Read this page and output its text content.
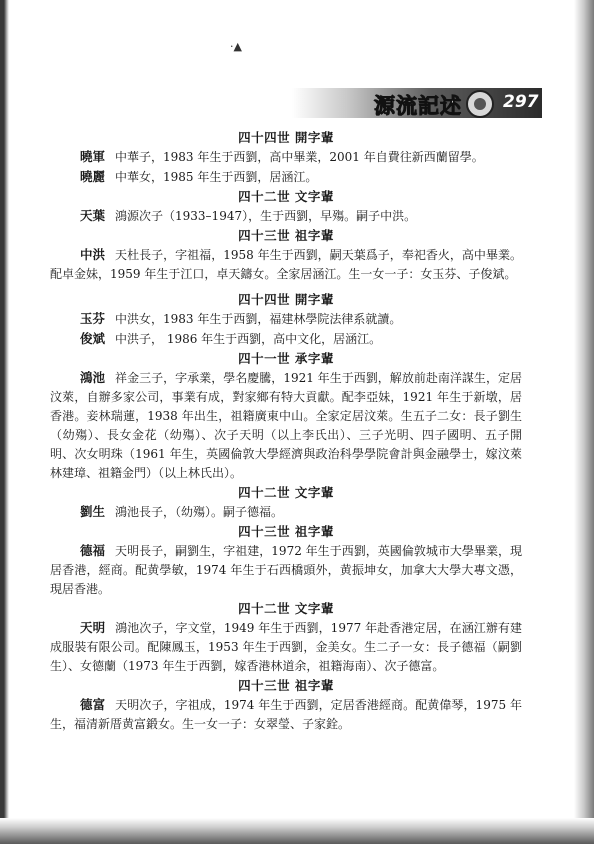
·▲
源流記述 297
四十四世 開字輩
曉軍 中華子，1983 年生于西劉，高中畢業，2001 年自費往新西蘭留學。
曉麗 中華女，1985 年生于西劉，居涵江。
四十二世 文字輩
天葉 鴻源次子（1933–1947），生于西劉，早殤。嗣子中洪。
四十三世 祖字輩
中洪 天杜長子，字祖福，1958 年生于西劉，嗣天葉爲子，奉祀香火，高中畢業。配卓金妹，1959 年生于江口，卓天鑄女。全家居涵江。生一女一子：女玉芬、子俊斌。
四十四世 開字輩
玉芬 中洪女，1983 年生于西劉，福建林學院法律系就讀。
俊斌 中洪子， 1986 年生于西劉，高中文化，居涵江。
四十一世 承字輩
鴻池 祥金三子，字承業，學名慶騰，1921 年生于西劉，解放前赴南洋謀生，定居汶萊，自辦多家公司，事業有成，對家鄉有特大貢獻。配李亞妹，1921 年生于新墩，居香港。妾林瑞蓮，1938 年出生，祖籍廣東中山。全家定居汶萊。生五子二女：長子劉生（幼殤）、長女金花（幼殤）、次子天明（以上李氏出）、三子光明、四子國明、五子開明、次女明珠（1961 年生，英國倫敦大學經濟與政治科學學院會計與金融學士，嫁汶萊林建璋、祖籍金門）（以上林氏出）。
四十二世 文字輩
劉生 鴻池長子，（幼殤）。嗣子德福。
四十三世 祖字輩
德福 天明長子，嗣劉生，字祖建，1972 年生于西劉，英國倫敦城市大學畢業，現居香港，經商。配黄學敏，1974 年生于石西橋頭外，黄振坤女，加拿大大學大專文憑，現居香港。
四十二世 文字輩
天明 鴻池次子，字文堂，1949 年生于西劉，1977 年赴香港定居，在涵江辦有建成服裝有限公司。配陳鳳玉，1953 年生于西劉，金美女。生二子一女：長子德福（嗣劉生）、女德蘭（1973 年生于西劉，嫁香港林道余，祖籍海南）、次子德富。
四十三世 祖字輩
德富 天明次子，字祖成，1974 年生于西劉，定居香港經商。配黄偉琴，1975 年生，福清新厝黄富鍛女。生一女一子：女翠瑩、子家銓。
